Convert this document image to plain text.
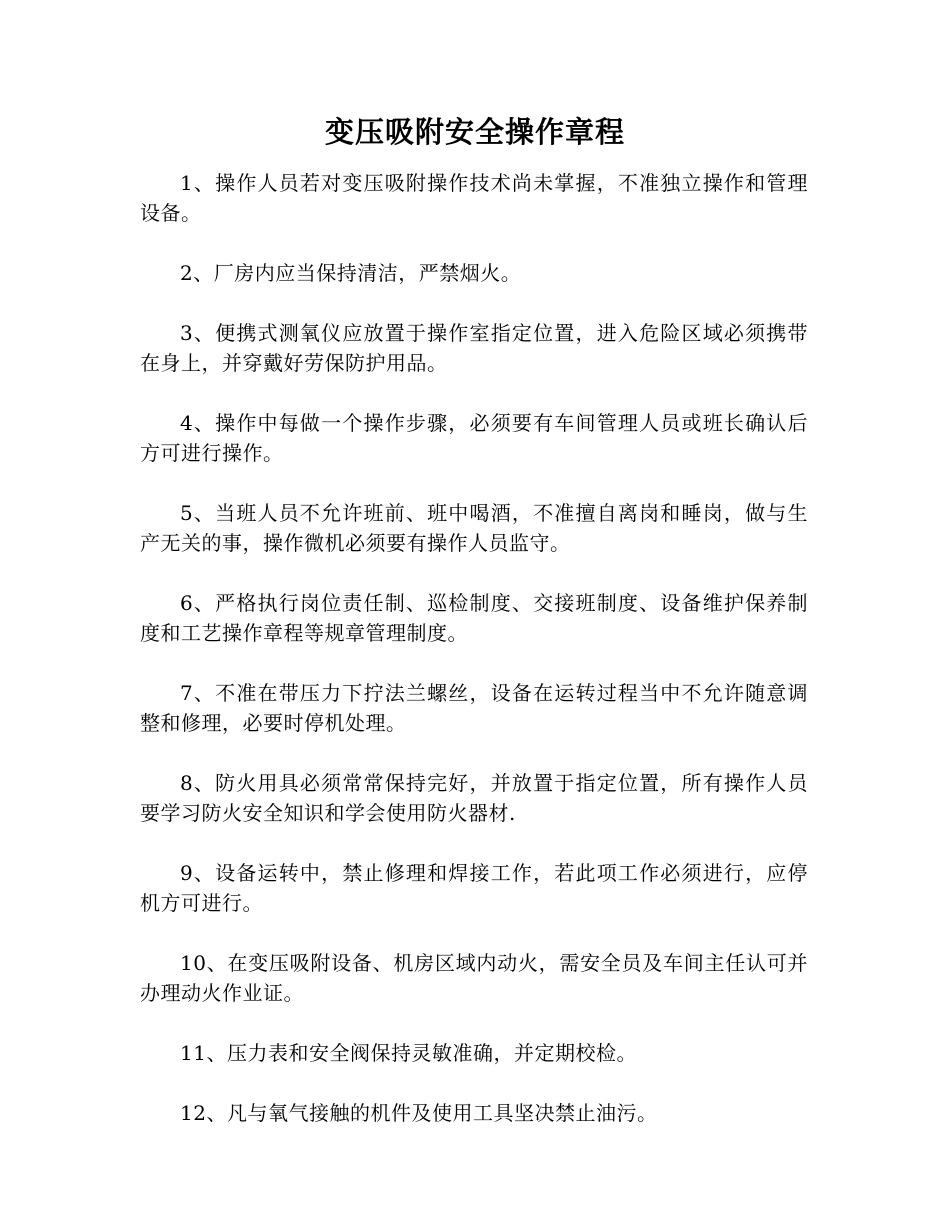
变压吸附安全操作章程

1、操作人员若对变压吸附操作技术尚未掌握，不准独立操作和管理设备。

2、厂房内应当保持清洁，严禁烟火。

3、便携式测氧仪应放置于操作室指定位置，进入危险区域必须携带在身上，并穿戴好劳保防护用品。

4、操作中每做一个操作步骤，必须要有车间管理人员或班长确认后方可进行操作。

5、当班人员不允许班前、班中喝酒，不准擅自离岗和睡岗，做与生产无关的事，操作微机必须要有操作人员监守。

6、严格执行岗位责任制、巡检制度、交接班制度、设备维护保养制度和工艺操作章程等规章管理制度。

7、不准在带压力下拧法兰螺丝，设备在运转过程当中不允许随意调整和修理，必要时停机处理。

8、防火用具必须常常保持完好，并放置于指定位置，所有操作人员要学习防火安全知识和学会使用防火器材.

9、设备运转中，禁止修理和焊接工作，若此项工作必须进行，应停机方可进行。

10、在变压吸附设备、机房区域内动火，需安全员及车间主任认可并办理动火作业证。

11、压力表和安全阀保持灵敏准确，并定期校检。

12、凡与氧气接触的机件及使用工具坚决禁止油污。
